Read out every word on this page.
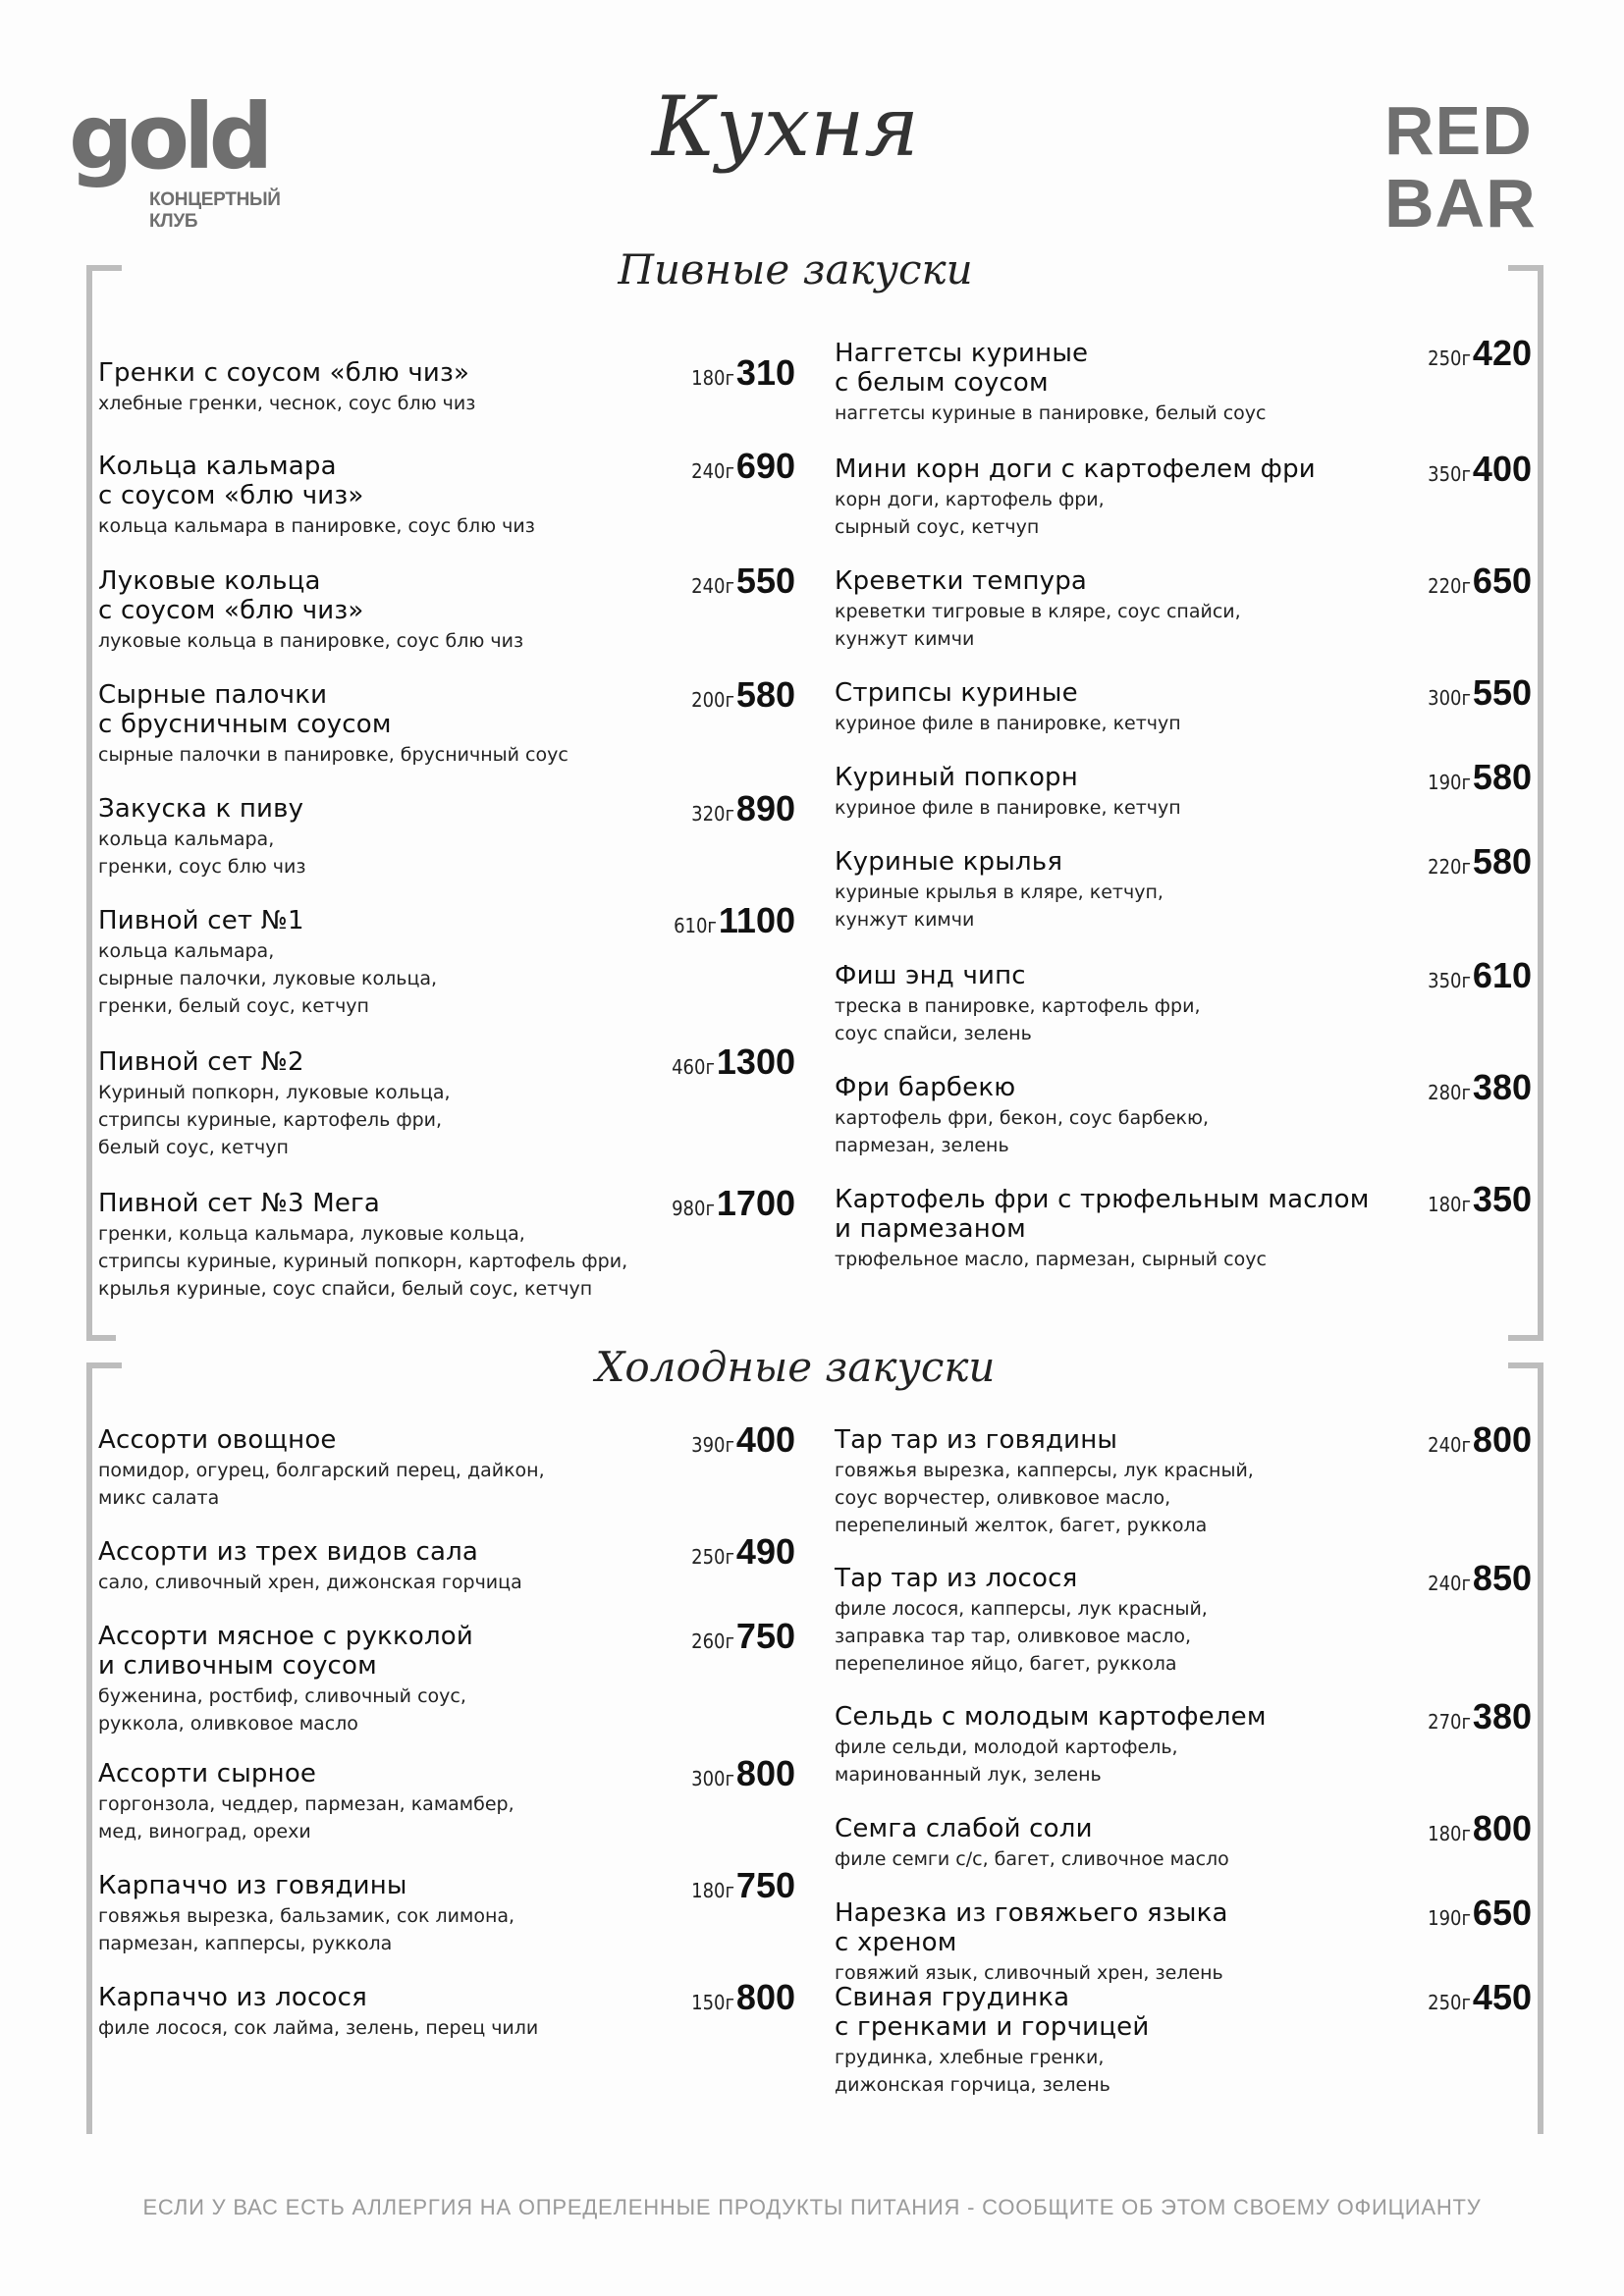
gold
КОНЦЕРТНЫЙ КЛУБ
RED
BAR
Кухня
Пивные закуски
Холодные закуски
Гренки с соусом «блю чиз»
хлебные гренки, чеснок, соус блю чиз
180г310
Кольца кальмара
с соусом «блю чиз»
кольца кальмара в панировке, соус блю чиз
240г690
Луковые кольца
с соусом «блю чиз»
луковые кольца в панировке, соус блю чиз
240г550
Сырные палочки
с брусничным соусом
сырные палочки в панировке, брусничный соус
200г580
Закуска к пиву
кольца кальмара,
гренки, соус блю чиз
320г890
Пивной сет №1
кольца кальмара,
сырные палочки, луковые кольца,
гренки, белый соус, кетчуп
610г1100
Пивной сет №2
Куриный попкорн, луковые кольца,
стрипсы куриные, картофель фри,
белый соус, кетчуп
460г1300
Пивной сет №3 Мега
гренки, кольца кальмара, луковые кольца,
стрипсы куриные, куриный попкорн, картофель фри,
крылья куриные, соус спайси, белый соус, кетчуп
980г1700
Наггетсы куриные
с белым соусом
наггетсы куриные в панировке, белый соус
250г420
Мини корн доги с картофелем фри
корн доги, картофель фри,
сырный соус, кетчуп
350г400
Креветки темпура
креветки тигровые в кляре, соус спайси,
кунжут кимчи
220г650
Стрипсы куриные
куриное филе в панировке, кетчуп
300г550
Куриный попкорн
куриное филе в панировке, кетчуп
190г580
Куриные крылья
куриные крылья в кляре, кетчуп,
кунжут кимчи
220г580
Фиш энд чипс
треска в панировке, картофель фри,
соус спайси, зелень
350г610
Фри барбекю
картофель фри, бекон, соус барбекю,
пармезан, зелень
280г380
Картофель фри с трюфельным маслом
и пармезаном
трюфельное масло, пармезан, сырный соус
180г350
Ассорти овощное
помидор, огурец, болгарский перец, дайкон,
микс салата
390г400
Ассорти из трех видов сала
сало, сливочный хрен, дижонская горчица
250г490
Ассорти мясное с рукколой
и сливочным соусом
буженина, ростбиф, сливочный соус,
руккола, оливковое масло
260г750
Ассорти сырное
горгонзола, чеддер, пармезан, камамбер,
мед, виноград, орехи
300г800
Карпаччо из говядины
говяжья вырезка, бальзамик, сок лимона,
пармезан, капперсы, руккола
180г750
Карпаччо из лосося
филе лосося, сок лайма, зелень, перец чили
150г800
Тар тар из говядины
говяжья вырезка, капперсы, лук красный,
соус ворчестер, оливковое масло,
перепелиный желток, багет, руккола
240г800
Тар тар из лосося
филе лосося, капперсы, лук красный,
заправка тар тар, оливковое масло,
перепелиное яйцо, багет, руккола
240г850
Сельдь с молодым картофелем
филе сельди, молодой картофель,
маринованный лук, зелень
270г380
Семга слабой соли
филе семги с/с, багет, сливочное масло
180г800
Нарезка из говяжьего языка
с хреном
говяжий язык, сливочный хрен, зелень
190г650
Свиная грудинка
с гренками и горчицей
грудинка, хлебные гренки,
дижонская горчица, зелень
250г450
ЕСЛИ У ВАС ЕСТЬ АЛЛЕРГИЯ НА ОПРЕДЕЛЕННЫЕ ПРОДУКТЫ ПИТАНИЯ - СООБЩИТЕ ОБ ЭТОМ СВОЕМУ ОФИЦИАНТУ
